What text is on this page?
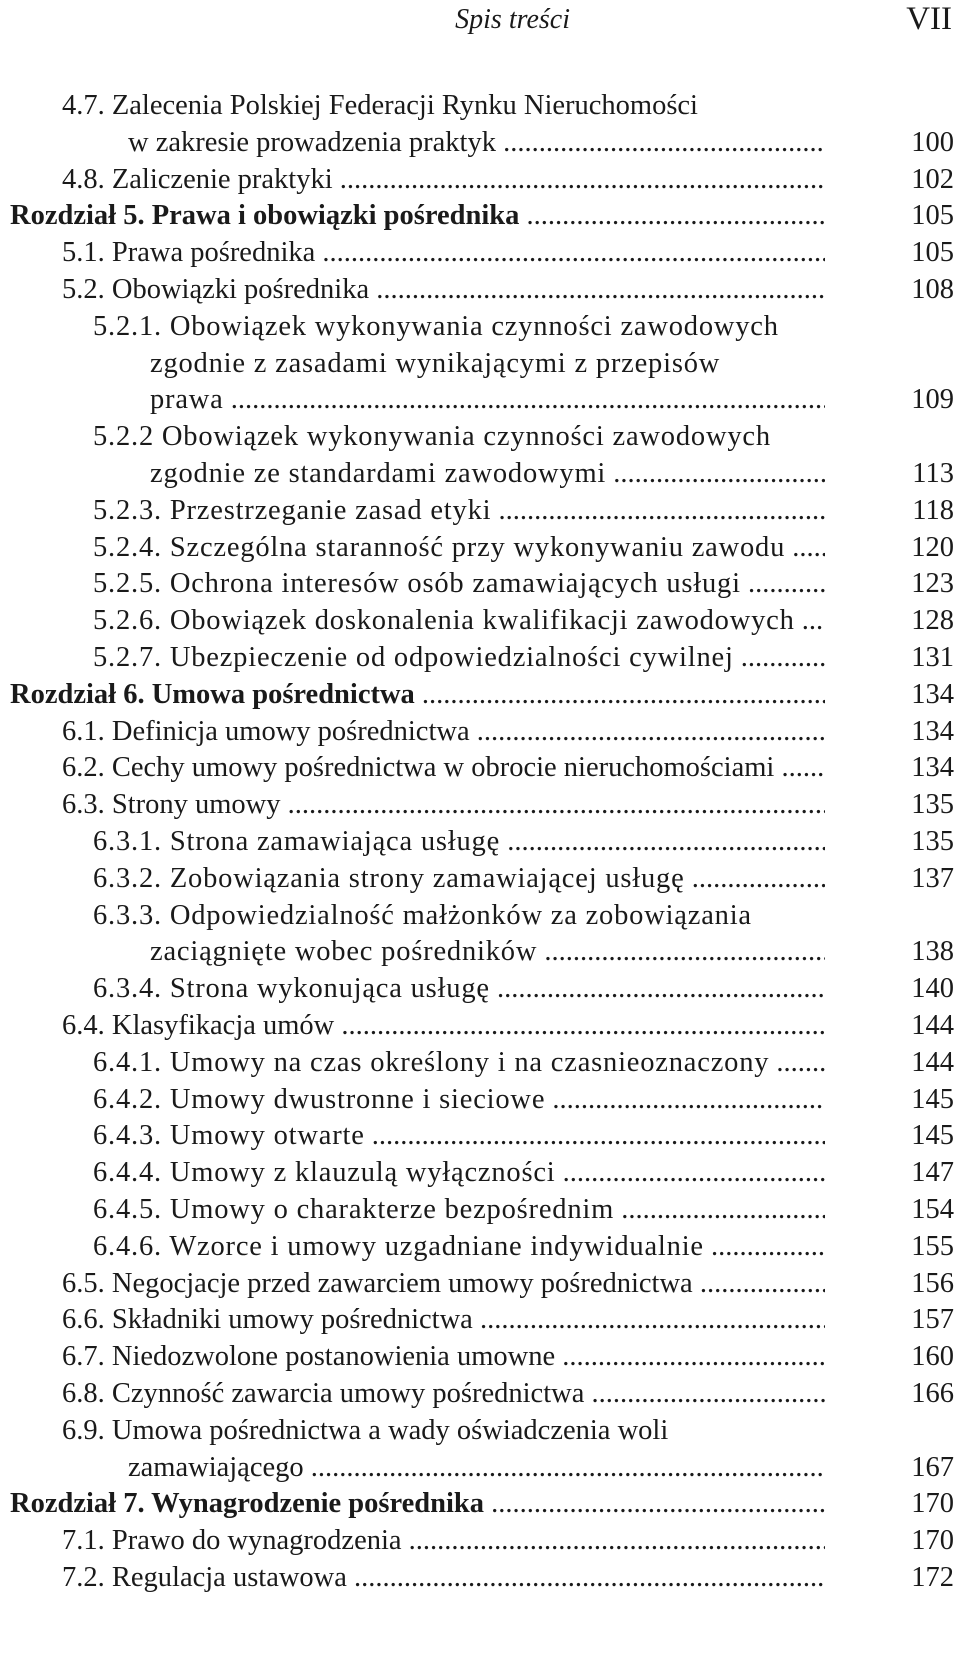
Spis treści	VII
4.7. Zalecenia Polskiej Federacji Rynku Nieruchomości
w zakresie prowadzenia praktyk .....	100
4.8. Zaliczenie praktyki .....	102
Rozdział 5. Prawa i obowiązki pośrednika .....	105
5.1. Prawa pośrednika .....	105
5.2. Obowiązki pośrednika .....	108
5.2.1. Obowiązek wykonywania czynności zawodowych
zgodnie z zasadami wynikającymi z przepisów
prawa .....	109
5.2.2 Obowiązek wykonywania czynności zawodowych
zgodnie ze standardami zawodowymi .....	113
5.2.3. Przestrzeganie zasad etyki .....	118
5.2.4. Szczególna staranność przy wykonywaniu zawodu .....	120
5.2.5. Ochrona interesów osób zamawiających usługi .....	123
5.2.6. Obowiązek doskonalenia kwalifikacji zawodowych .....	128
5.2.7. Ubezpieczenie od odpowiedzialności cywilnej .....	131
Rozdział 6. Umowa pośrednictwa .....	134
6.1. Definicja umowy pośrednictwa .....	134
6.2. Cechy umowy pośrednictwa w obrocie nieruchomościami .....	134
6.3. Strony umowy .....	135
6.3.1. Strona zamawiająca usługę .....	135
6.3.2. Zobowiązania strony zamawiającej usługę .....	137
6.3.3. Odpowiedzialność małżonków za zobowiązania
zaciągnięte wobec pośredników .....	138
6.3.4. Strona wykonująca usługę .....	140
6.4. Klasyfikacja umów .....	144
6.4.1. Umowy na czas określony i na czasnieoznaczony .....	144
6.4.2. Umowy dwustronne i sieciowe .....	145
6.4.3. Umowy otwarte .....	145
6.4.4. Umowy z klauzulą wyłączności .....	147
6.4.5. Umowy o charakterze bezpośrednim .....	154
6.4.6. Wzorce i umowy uzgadniane indywidualnie .....	155
6.5. Negocjacje przed zawarciem umowy pośrednictwa .....	156
6.6. Składniki umowy pośrednictwa .....	157
6.7. Niedozwolone postanowienia umowne .....	160
6.8. Czynność zawarcia umowy pośrednictwa .....	166
6.9. Umowa pośrednictwa a wady oświadczenia woli
zamawiającego .....	167
Rozdział 7. Wynagrodzenie pośrednika .....	170
7.1. Prawo do wynagrodzenia .....	170
7.2. Regulacja ustawowa .....	172
